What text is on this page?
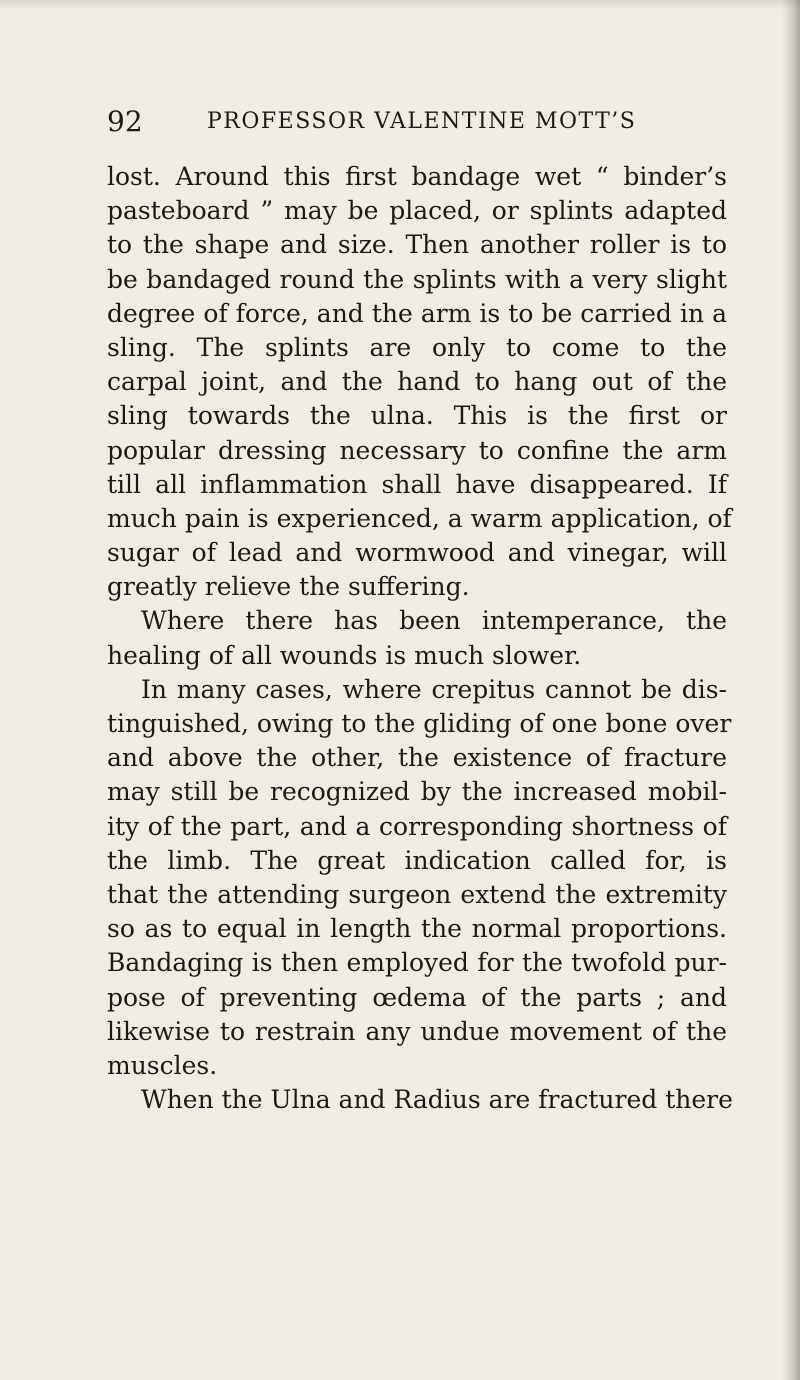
92	PROFESSOR VALENTINE MOTT’S
lost. Around this first bandage wet “ binder’s
pasteboard ” may be placed, or splints adapted
to the shape and size. Then another roller is to
be bandaged round the splints with a very slight
degree of force, and the arm is to be carried in a
sling. The splints are only to come to the
carpal joint, and the hand to hang out of the
sling towards the ulna. This is the first or
popular dressing necessary to confine the arm
till all inflammation shall have disappeared. If
much pain is experienced, a warm application, of
sugar of lead and wormwood and vinegar, will
greatly relieve the suffering.
Where there has been intemperance, the
healing of all wounds is much slower.
In many cases, where crepitus cannot be dis-
tinguished, owing to the gliding of one bone over
and above the other, the existence of fracture
may still be recognized by the increased mobil-
ity of the part, and a corresponding shortness of
the limb. The great indication called for, is
that the attending surgeon extend the extremity
so as to equal in length the normal proportions.
Bandaging is then employed for the twofold pur-
pose of preventing œdema of the parts ; and
likewise to restrain any undue movement of the
muscles.
When the Ulna and Radius are fractured there
